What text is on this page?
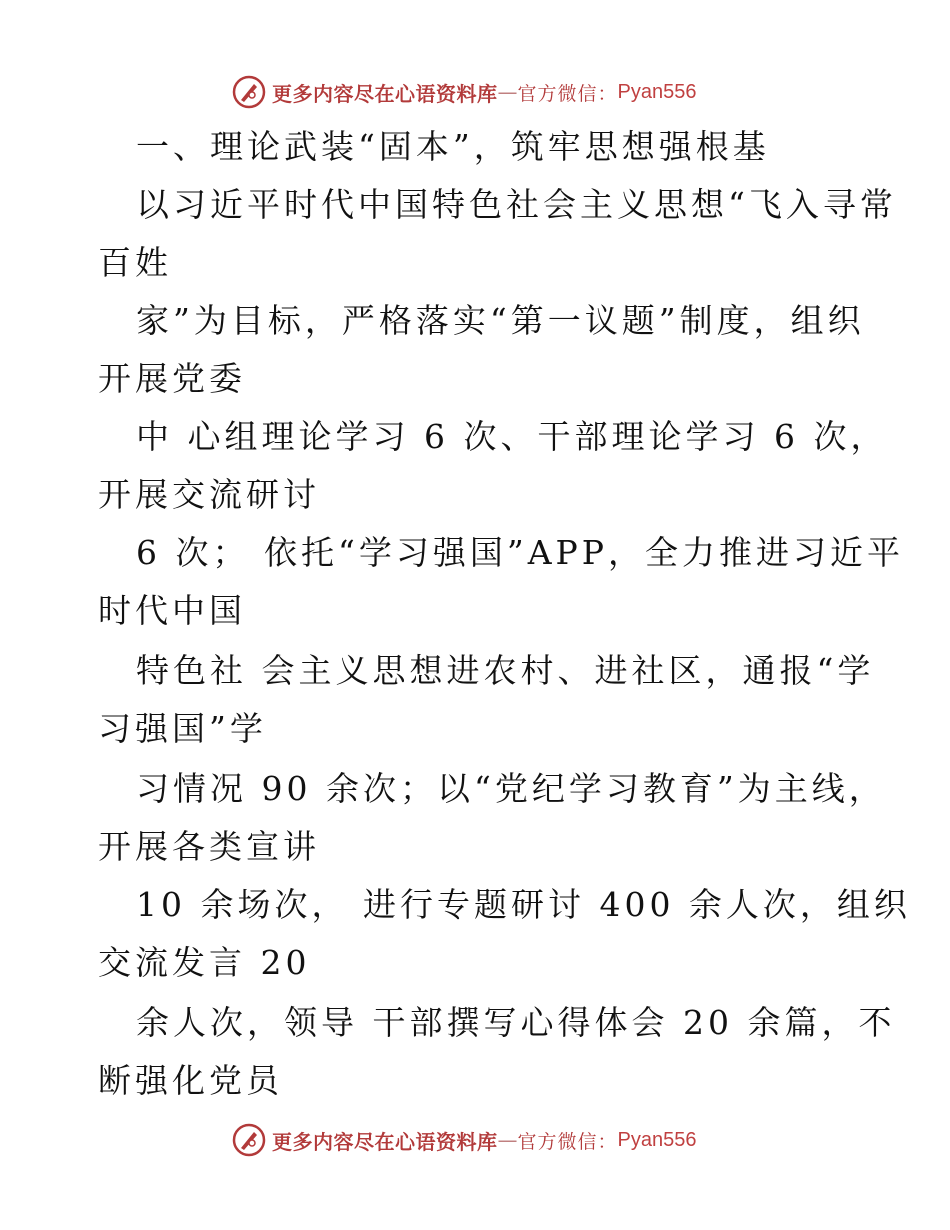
更多内容尽在心语资料库 — 官方微信： Pyan556
一、理论武装“固本”，筑牢思想强根基
以习近平时代中国特色社会主义思想“飞入寻常
百姓
家”为目标，严格落实“第一议题”制度，组织
开展党委
中 心组理论学习 6 次、干部理论学习 6 次，
开展交流研讨
6 次； 依托“学习强国”APP，全力推进习近平
时代中国
特色社 会主义思想进农村、进社区，通报“学
习强国”学
习情况 90 余次；以“党纪学习教育”为主线，
开展各类宣讲
10 余场次， 进行专题研讨 400 余人次，组织
交流发言 20
余人次，领导 干部撰写心得体会 20 余篇，不
断强化党员
更多内容尽在心语资料库 — 官方微信： Pyan556
